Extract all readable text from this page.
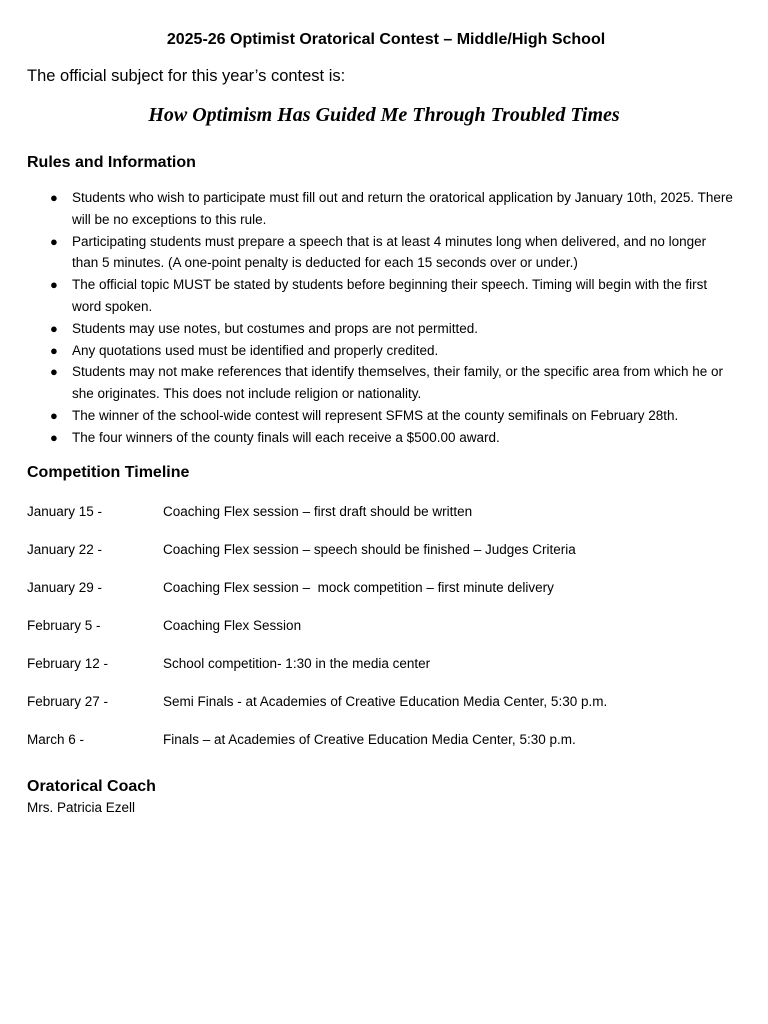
2025-26 Optimist Oratorical Contest – Middle/High School

The official subject for this year’s contest is:

How Optimism Has Guided Me Through Troubled Times

Rules and Information
● Students who wish to participate must fill out and return the oratorical application by January 10th, 2025. There will be no exceptions to this rule.
● Participating students must prepare a speech that is at least 4 minutes long when delivered, and no longer than 5 minutes. (A one-point penalty is deducted for each 15 seconds over or under.)
● The official topic MUST be stated by students before beginning their speech. Timing will begin with the first word spoken.
● Students may use notes, but costumes and props are not permitted.
● Any quotations used must be identified and properly credited.
● Students may not make references that identify themselves, their family, or the specific area from which he or she originates. This does not include religion or nationality.
● The winner of the school-wide contest will represent SFMS at the county semifinals on February 28th.
● The four winners of the county finals will each receive a $500.00 award.
Competition Timeline
January 15 -	Coaching Flex session – first draft should be written
January 22 -	Coaching Flex session – speech should be finished – Judges Criteria
January 29 -	Coaching Flex session –  mock competition – first minute delivery
February 5 -	Coaching Flex Session
February 12 -	School competition- 1:30 in the media center
February 27 -	Semi Finals - at Academies of Creative Education Media Center, 5:30 p.m.
March 6 -	Finals – at Academies of Creative Education Media Center, 5:30 p.m.
Oratorical Coach

Mrs. Patricia Ezell
